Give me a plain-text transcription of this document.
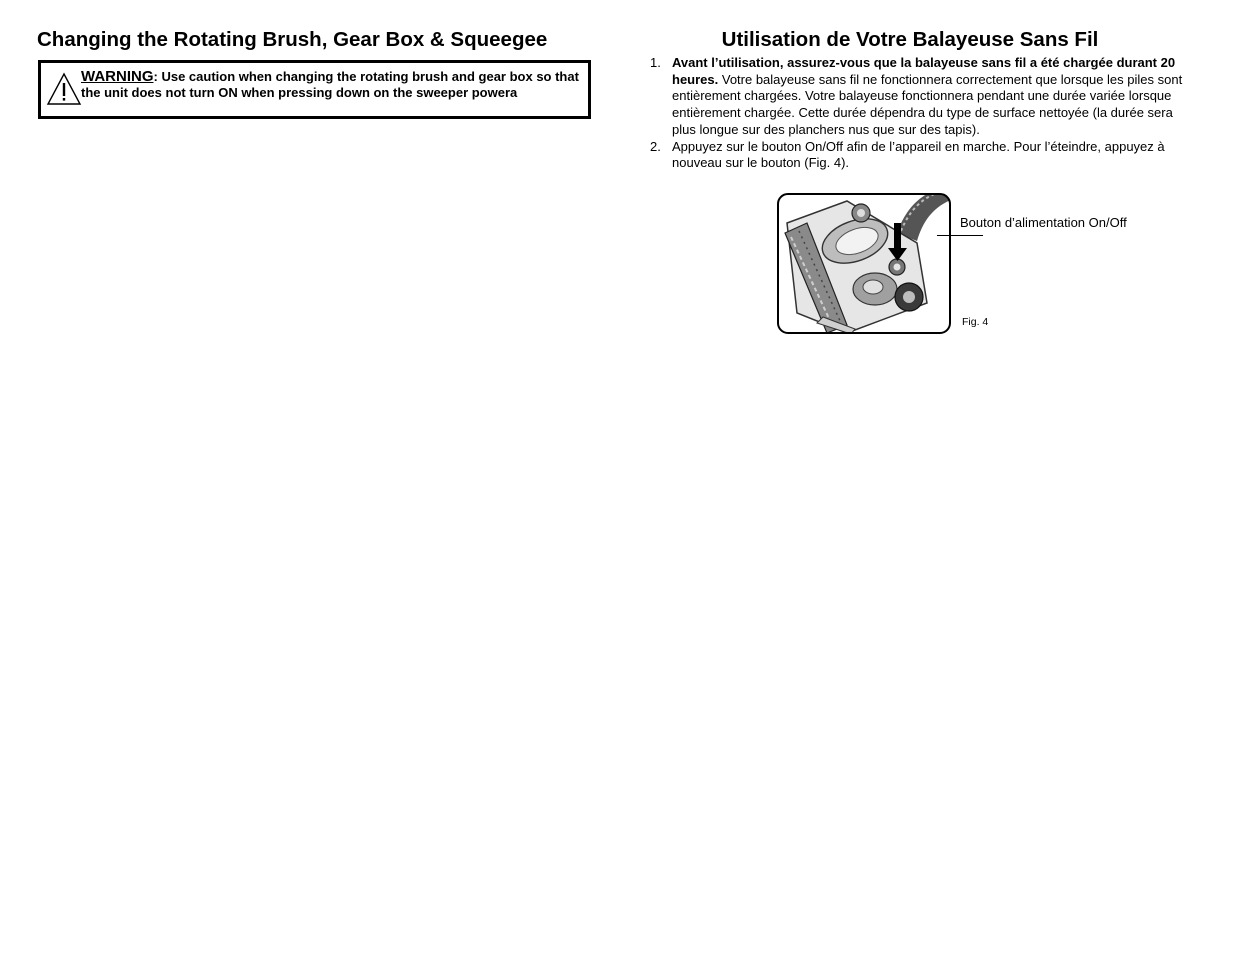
Changing the Rotating Brush, Gear Box & Squeegee
WARNING: Use caution when changing the rotating brush and gear box so that the unit does not turn ON when pressing down on the sweeper powera
Utilisation de Votre Balayeuse Sans Fil
1. Avant l’utilisation, assurez-vous que la balayeuse sans fil a été chargée durant 20 heures. Votre balayeuse sans fil ne fonctionnera correctement que lorsque les piles sont entièrement chargées. Votre balayeuse fonctionnera pendant une durée variée lorsque entièrement chargée. Cette durée dépendra du type de surface nettoyée (la durée sera plus longue sur des planchers nus que sur des tapis).
2. Appuyez sur le bouton On/Off afin de l’appareil en marche. Pour l’éteindre, appuyez à nouveau sur le bouton (Fig. 4).
Bouton d’alimentation On/Off
Fig. 4
